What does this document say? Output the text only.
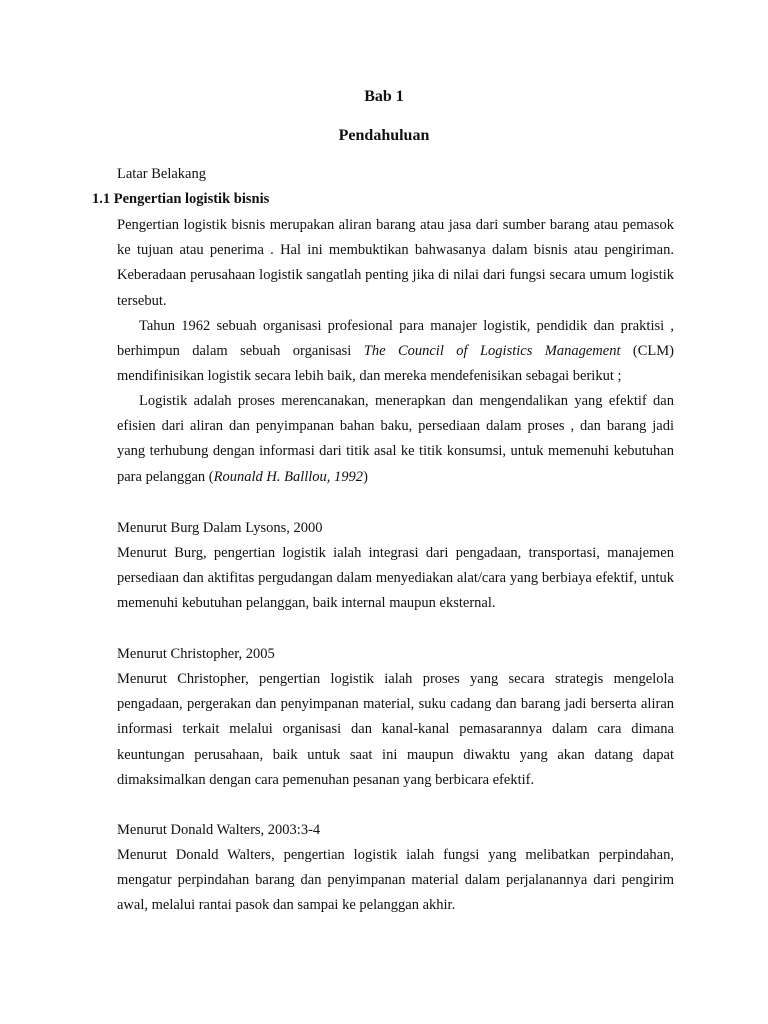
Bab 1

Pendahuluan

Latar Belakang

1.1 Pengertian logistik bisnis

Pengertian logistik bisnis merupakan aliran barang atau jasa dari sumber barang atau pemasok ke tujuan atau penerima . Hal ini membuktikan bahwasanya dalam bisnis atau pengiriman. Keberadaan perusahaan logistik sangatlah penting jika di nilai dari fungsi secara umum logistik tersebut.

Tahun 1962 sebuah organisasi profesional para manajer logistik, pendidik dan praktisi , berhimpun dalam sebuah organisasi The Council of Logistics Management (CLM) mendifinisikan logistik secara lebih baik, dan mereka mendefenisikan sebagai berikut ;

Logistik adalah proses merencanakan, menerapkan dan mengendalikan yang efektif dan efisien dari aliran dan penyimpanan bahan baku, persediaan dalam proses , dan barang jadi yang terhubung dengan informasi dari titik asal ke titik konsumsi, untuk memenuhi kebutuhan para pelanggan (Rounald H. Balllou, 1992)

Menurut Burg Dalam Lysons, 2000

Menurut Burg, pengertian logistik ialah integrasi dari pengadaan, transportasi, manajemen persediaan dan aktifitas pergudangan dalam menyediakan alat/cara yang berbiaya efektif, untuk memenuhi kebutuhan pelanggan, baik internal maupun eksternal.

Menurut Christopher, 2005

Menurut Christopher, pengertian logistik ialah proses yang secara strategis mengelola pengadaan, pergerakan dan penyimpanan material, suku cadang dan barang jadi berserta aliran informasi terkait melalui organisasi dan kanal-kanal pemasarannya dalam cara dimana keuntungan perusahaan, baik untuk saat ini maupun diwaktu yang akan datang dapat dimaksimalkan dengan cara pemenuhan pesanan yang berbicara efektif.

Menurut Donald Walters, 2003:3-4

Menurut Donald Walters, pengertian logistik ialah fungsi yang melibatkan perpindahan, mengatur perpindahan barang dan penyimpanan material dalam perjalanannya dari pengirim awal, melalui rantai pasok dan sampai ke pelanggan akhir.
